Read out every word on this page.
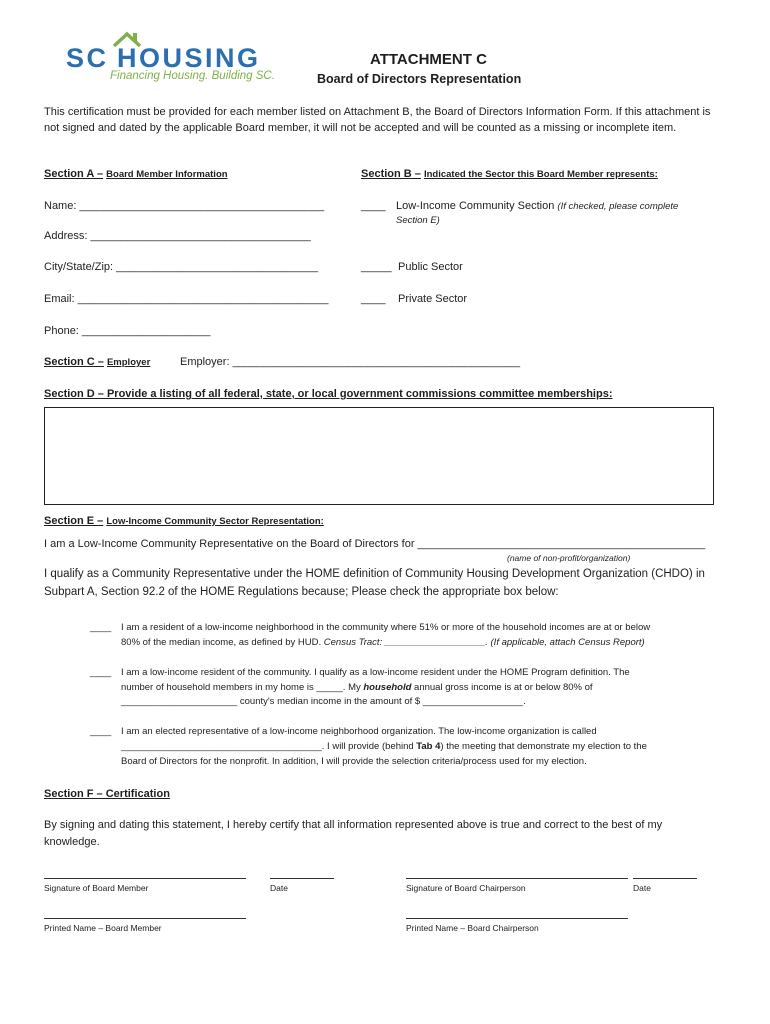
SC HOUSING
Financing Housing. Building SC.
ATTACHMENT C
Board of Directors Representation
This certification must be provided for each member listed on Attachment B, the Board of Directors Information Form. If this attachment is not signed and dated by the applicable Board member, it will not be accepted and will be counted as a missing or incomplete item.
Section A – Board Member Information
Name: ________________________________________
Address: ____________________________________
City/State/Zip: _________________________________
Email: _________________________________________
Phone: _____________________
Section B – Indicated the Sector this Board Member represents:
____ Low-Income Community Section (If checked, please complete
Section E)
_____ Public Sector
____ Private Sector
Section C – Employer	Employer: _______________________________________________
Section D – Provide a listing of all federal, state, or local government commissions committee memberships:
Section E – Low-Income Community Sector Representation:
I am a Low-Income Community Representative on the Board of Directors for _______________________________________________
(name of non-profit/organization)
I qualify as a Community Representative under the HOME definition of Community Housing Development Organization (CHDO) in
Subpart A, Section 92.2 of the HOME Regulations because; Please check the appropriate box below:
____ I am a resident of a low-income neighborhood in the community where 51% or more of the household incomes are at or below
80% of the median income, as defined by HUD. Census Tract: ___________________. (If applicable, attach Census Report)
____ I am a low-income resident of the community. I qualify as a low-income resident under the HOME Program definition. The
number of household members in my home is _____. My household annual gross income is at or below 80% of
______________________ county's median income in the amount of $ ___________________.
____ I am an elected representative of a low-income neighborhood organization. The low-income organization is called
______________________________________. I will provide (behind Tab 4) the meeting that demonstrate my election to the
Board of Directors for the nonprofit. In addition, I will provide the selection criteria/process used for my election.
Section F – Certification
By signing and dating this statement, I hereby certify that all information represented above is true and correct to the best of my
knowledge.
Signature of Board Member	Date	Signature of Board Chairperson	Date
Printed Name – Board Member	Printed Name – Board Chairperson
